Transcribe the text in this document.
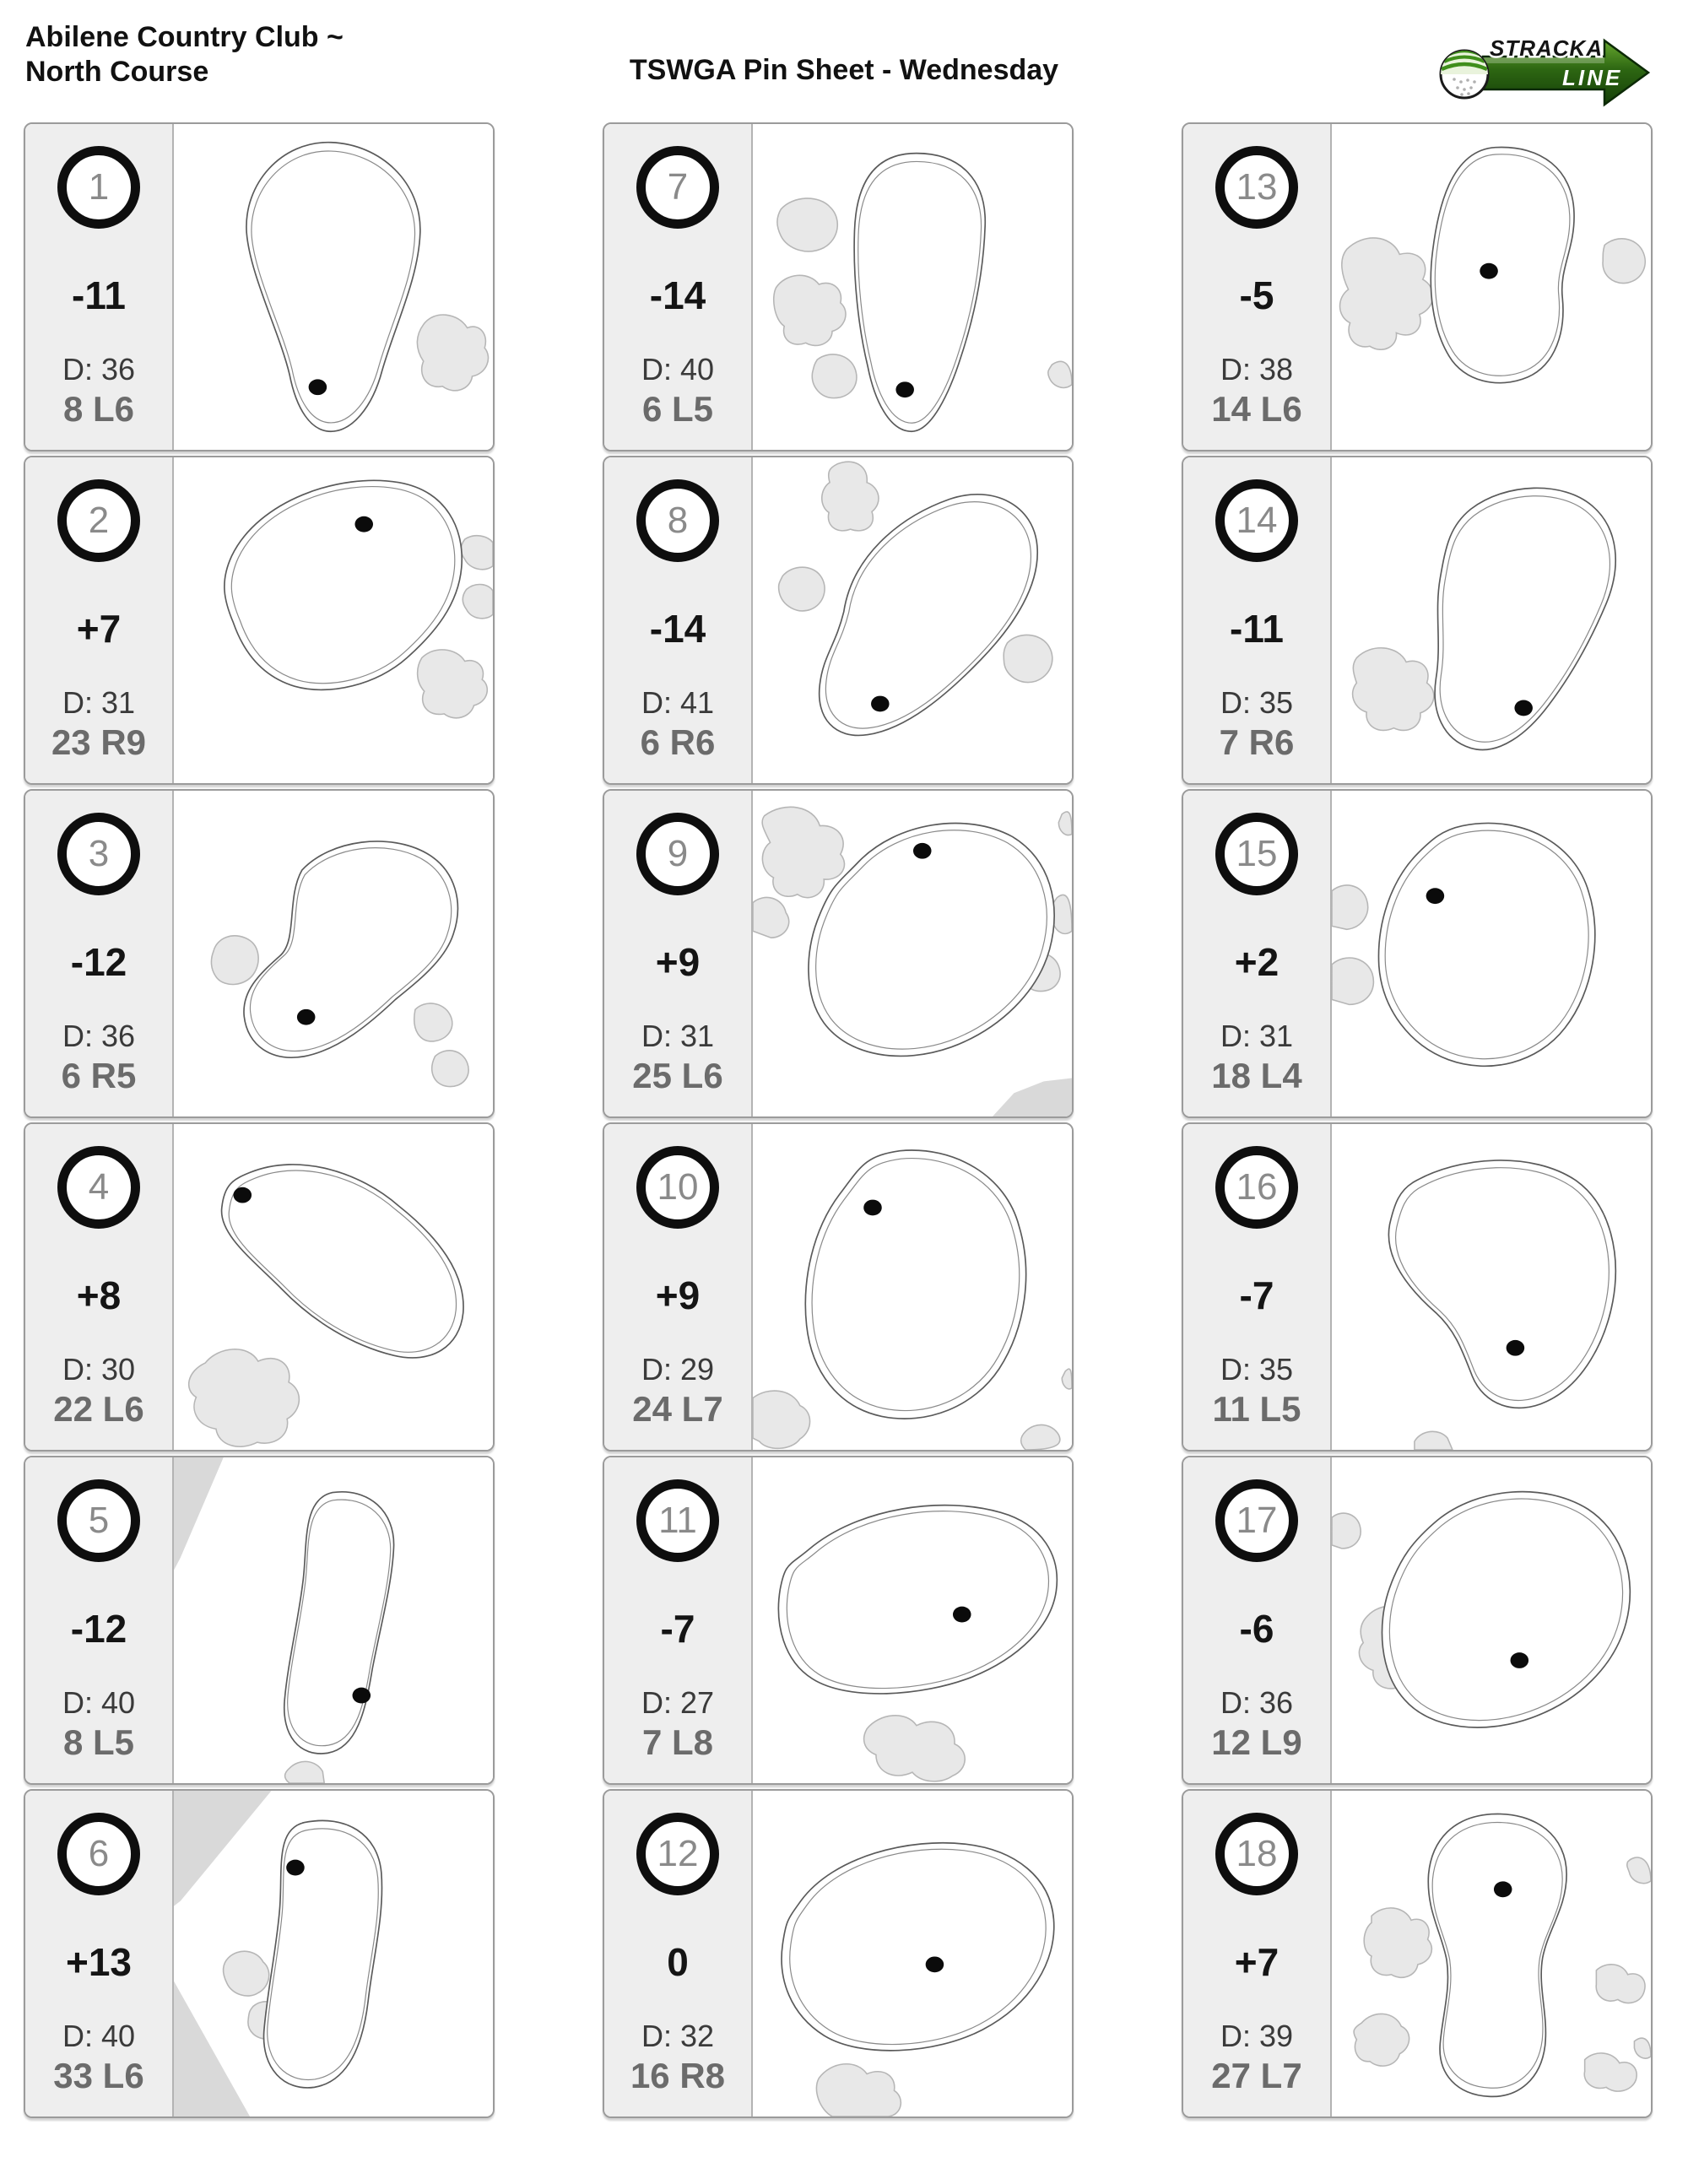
Abilene Country Club ~ North Course	TSWGA Pin Sheet - Wednesday
STRACKA
LINE
1
-11
D: 36
8 L6
2
+7
D: 31
23 R9
3
-12
D: 36
6 R5
4
+8
D: 30
22 L6
5
-12
D: 40
8 L5
6
+13
D: 40
33 L6
7
-14
D: 40
6 L5
8
-14
D: 41
6 R6
9
+9
D: 31
25 L6
10
+9
D: 29
24 L7
11
-7
D: 27
7 L8
12
0
D: 32
16 R8
13
-5
D: 38
14 L6
14
-11
D: 35
7 R6
15
+2
D: 31
18 L4
16
-7
D: 35
11 L5
17
-6
D: 36
12 L9
18
+7
D: 39
27 L7
